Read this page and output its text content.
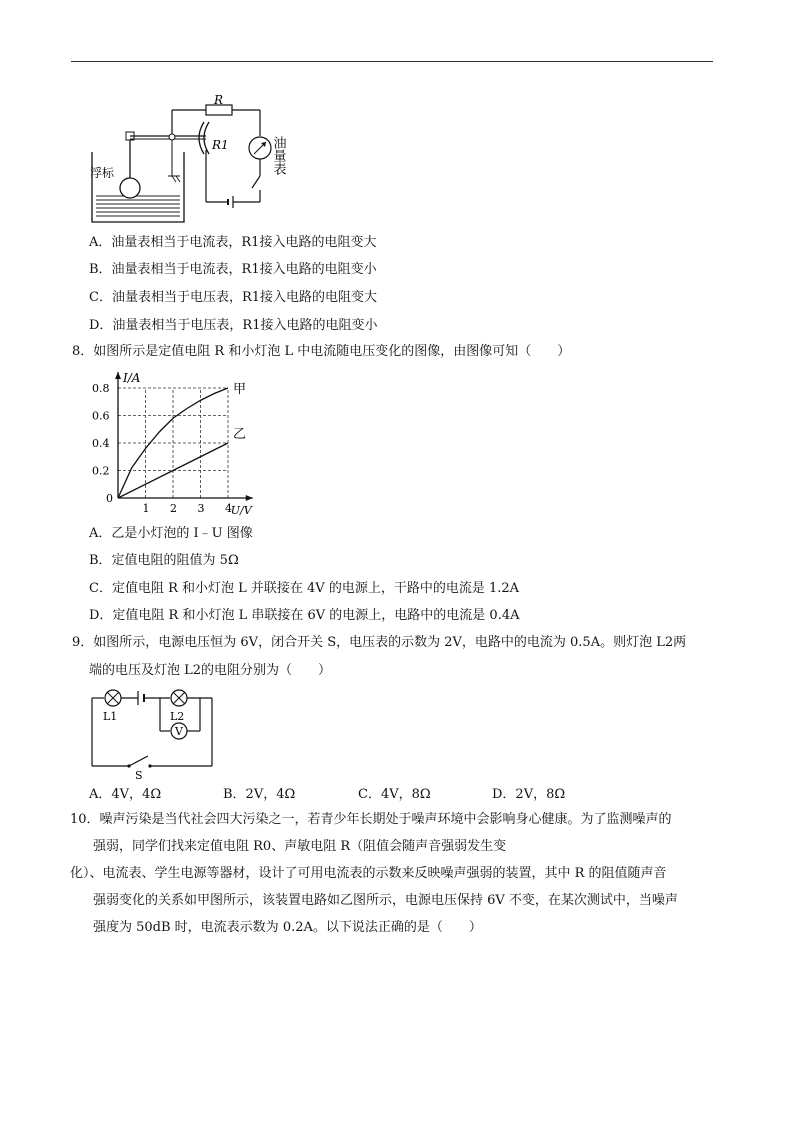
R
R1
浮标	油量表
A．油量表相当于电流表，R1接入电路的电阻变大
B．油量表相当于电流表，R1接入电路的电阻变小
C．油量表相当于电压表，R1接入电路的电阻变大
D．油量表相当于电压表，R1接入电路的电阻变小
8．如图所示是定值电阻 R 和小灯泡 L 中电流随电压变化的图像，由图像可知（　　）
1 2 3 4
0.2
0.4
0.6
0.8
0
I/A
U/V
甲
乙
A．乙是小灯泡的 I﹣U 图像
B．定值电阻的阻值为 5Ω
C．定值电阻 R 和小灯泡 L 并联接在 4V 的电源上，干路中的电流是 1.2A
D．定值电阻 R 和小灯泡 L 串联接在 6V 的电源上，电路中的电流是 0.4A
9．如图所示，电源电压恒为 6V，闭合开关 S，电压表的示数为 2V，电路中的电流为 0.5A。则灯泡 L2两
端的电压及灯泡 L2的电阻分别为（　　）
V
L1	L2
S
A．4V，4Ω	B．2V，4Ω	C．4V，8Ω	D．2V，8Ω

10．噪声污染是当代社会四大污染之一，若青少年长期处于噪声环境中会影响身心健康。为了监测噪声的

强弱，同学们找来定值电阻 R0、声敏电阻 R（阻值会随声音强弱发生变

化）、电流表、学生电源等器材，设计了可用电流表的示数来反映噪声强弱的装置，其中 R 的阻值随声音

强弱变化的关系如甲图所示，该装置电路如乙图所示，电源电压保持 6V 不变，在某次测试中，当噪声

强度为 50dB 时，电流表示数为 0.2A。以下说法正确的是（　　）
